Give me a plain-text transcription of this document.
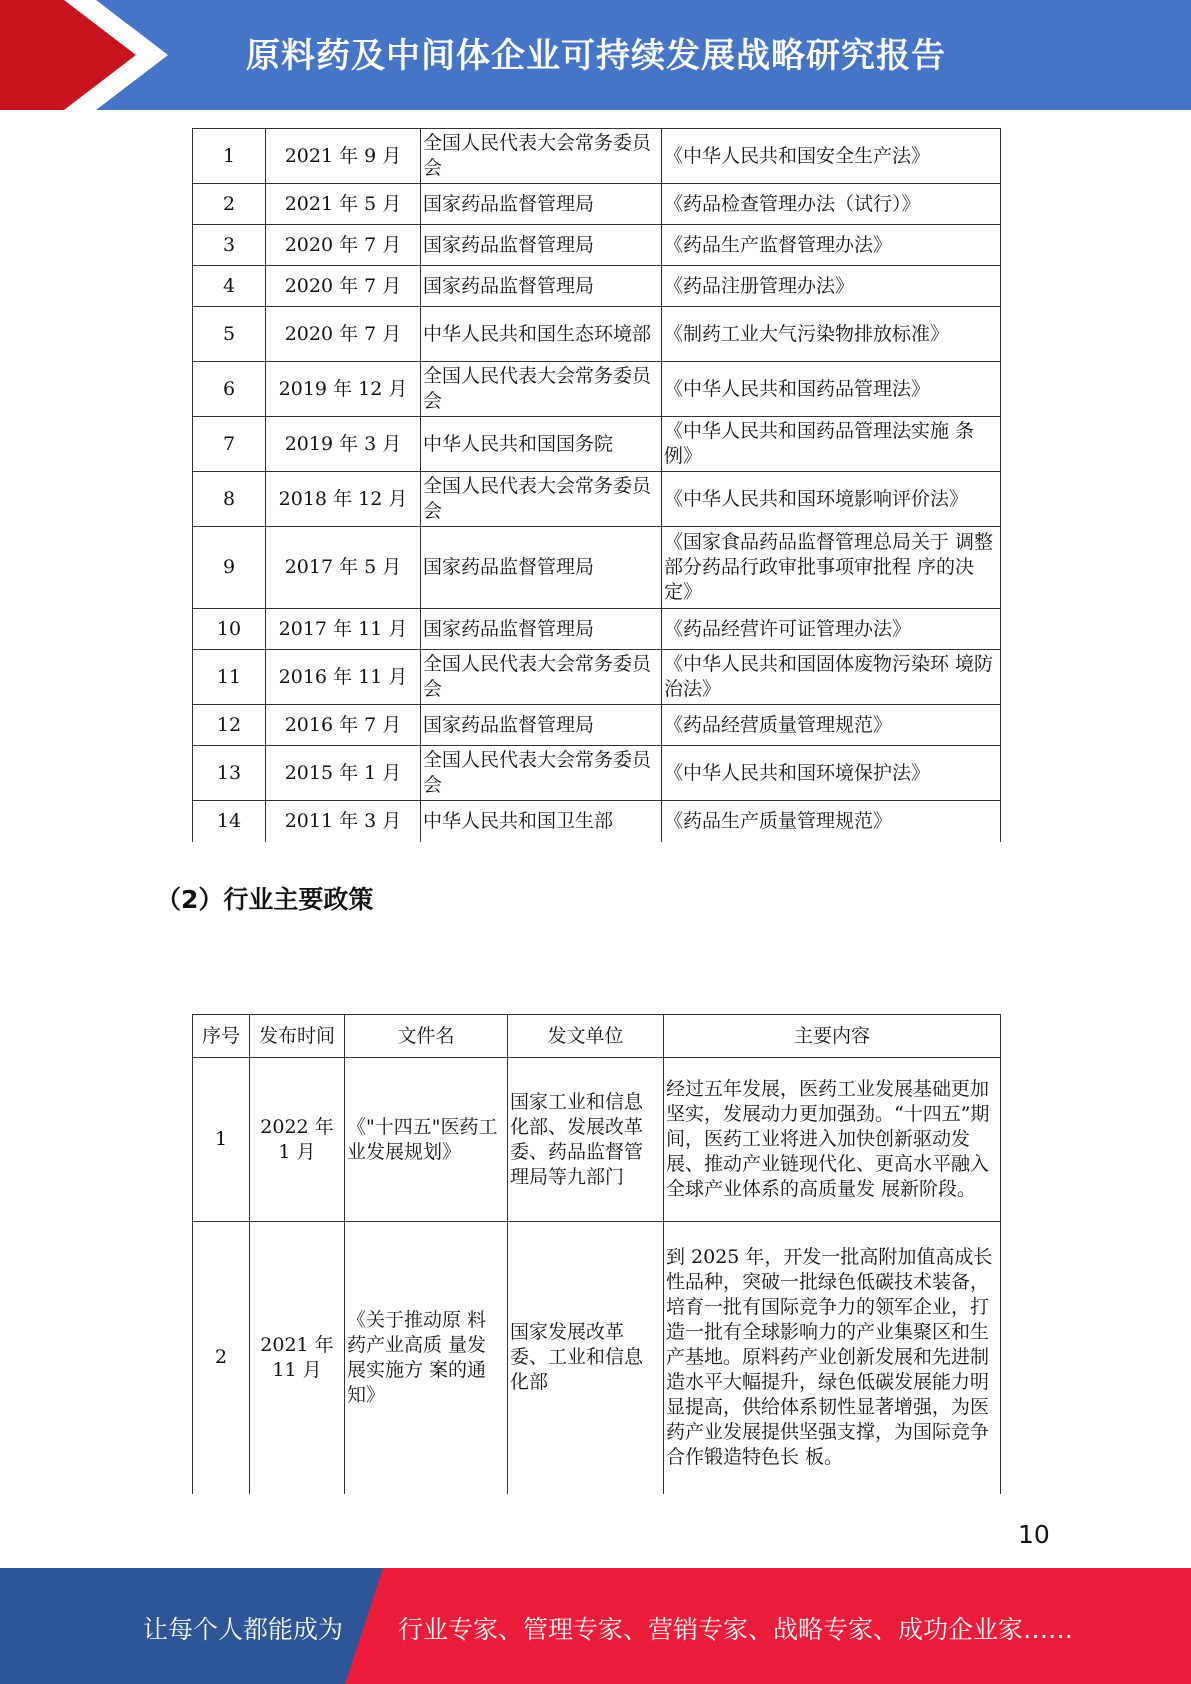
原料药及中间体企业可持续发展战略研究报告
1	2021 年 9 月	全国人民代表大会常务委员会	《中华人民共和国安全生产法》
2	2021 年 5 月	国家药品监督管理局	《药品检查管理办法（试行）》
3	2020 年 7 月	国家药品监督管理局	《药品生产监督管理办法》
4	2020 年 7 月	国家药品监督管理局	《药品注册管理办法》
5	2020 年 7 月	中华人民共和国生态环境部	《制药工业大气污染物排放标准》
6	2019 年 12 月	全国人民代表大会常务委员会	《中华人民共和国药品管理法》
7	2019 年 3 月	中华人民共和国国务院	《中华人民共和国药品管理法实施 条例》
8	2018 年 12 月	全国人民代表大会常务委员会	《中华人民共和国环境影响评价法》
9	2017 年 5 月	国家药品监督管理局	《国家食品药品监督管理总局关于 调整部分药品行政审批事项审批程 序的决定》
10	2017 年 11 月	国家药品监督管理局	《药品经营许可证管理办法》
11	2016 年 11 月	全国人民代表大会常务委员会	《中华人民共和国固体废物污染环 境防治法》
12	2016 年 7 月	国家药品监督管理局	《药品经营质量管理规范》
13	2015 年 1 月	全国人民代表大会常务委员会	《中华人民共和国环境保护法》
14	2011 年 3 月	中华人民共和国卫生部	《药品生产质量管理规范》
（2）行业主要政策
序号	发布时间	文件名	发文单位	主要内容
1	2022 年 1 月	《"十四五"医药工业发展规划》	国家工业和信息化部、发展改革委、药品监督管理局等九部门	经过五年发展，医药工业发展基础更加坚实，发展动力更加强劲。“十四五”期间，医药工业将进入加快创新驱动发展、推动产业链现代化、更高水平融入全球产业体系的高质量发 展新阶段。
2	2021 年 11 月	《关于推动原 料药产业高质 量发展实施方 案的通知》	国家发展改革委、工业和信息化部	到 2025 年，开发一批高附加值高成长性品种，突破一批绿色低碳技术装备，培育一批有国际竞争力的领军企业，打造一批有全球影响力的产业集聚区和生产基地。原料药产业创新发展和先进制造水平大幅提升，绿色低碳发展能力明显提高，供给体系韧性显著增强，为医药产业发展提供坚强支撑，为国际竞争合作锻造特色长 板。
10
让每个人都能成为 行业专家、管理专家、营销专家、战略专家、成功企业家……
